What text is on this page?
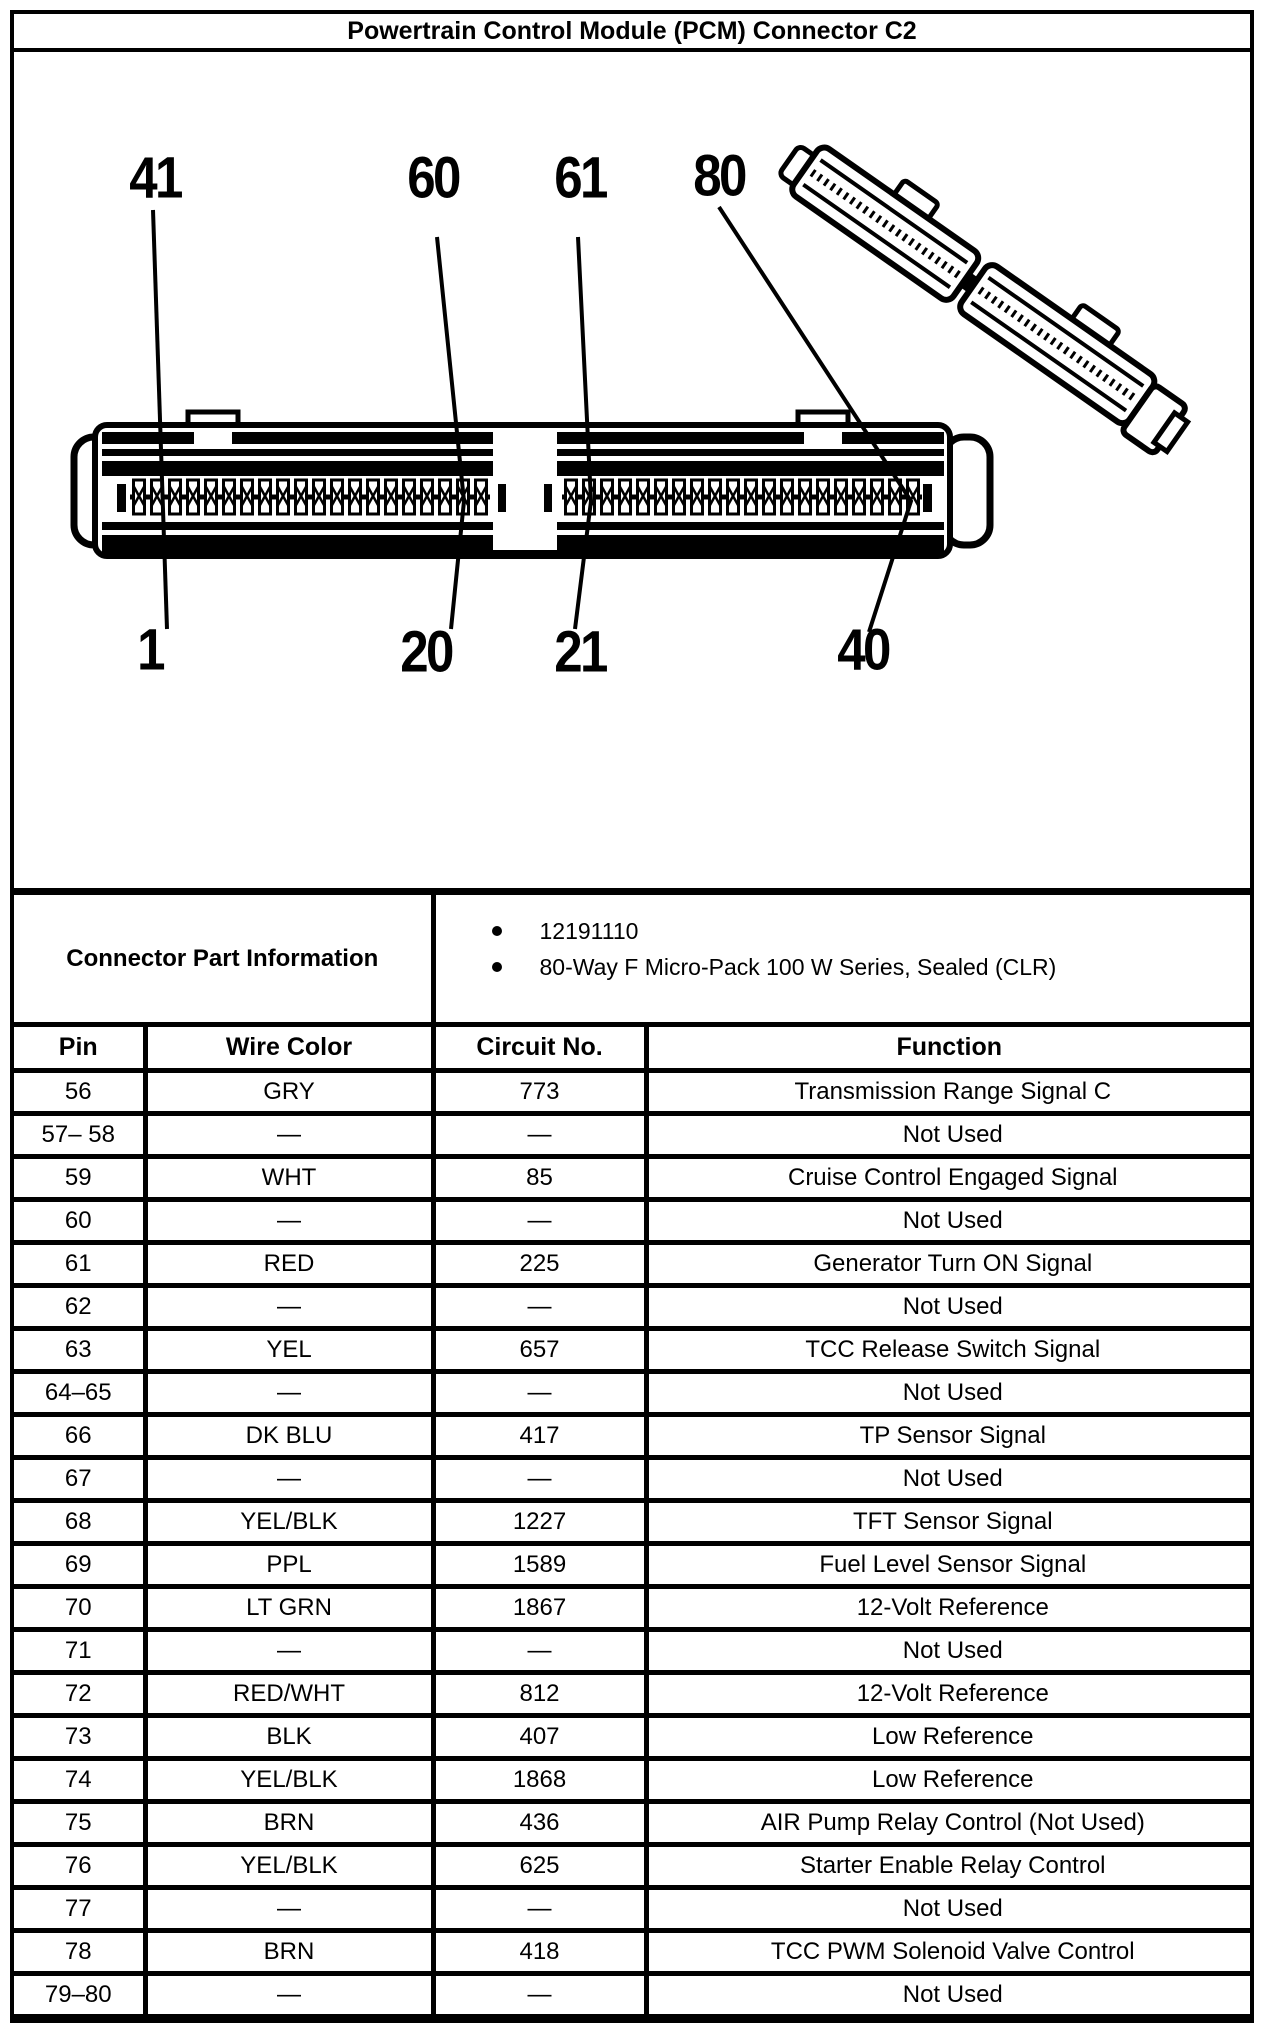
Powertrain Control Module (PCM) Connector C2
41	60 61 80
1	20 21	40
Connector Part Information		12191110
80-Way F Micro-Pack 100 W Series, Sealed (CLR)	

Pin	Wire Color	Circuit No.	Function
56	GRY	773	Transmission Range Signal C
57– 58	—	—	Not Used
59	WHT	85	Cruise Control Engaged Signal
60	—	—	Not Used
61	RED	225	Generator Turn ON Signal
62	—	—	Not Used
63	YEL	657	TCC Release Switch Signal
64–65	—	—	Not Used
66	DK BLU	417	TP Sensor Signal
67	—	—	Not Used
68	YEL/BLK	1227	TFT Sensor Signal
69	PPL	1589	Fuel Level Sensor Signal
70	LT GRN	1867	12-Volt Reference
71	—	—	Not Used
72	RED/WHT	812	12-Volt Reference
73	BLK	407	Low Reference
74	YEL/BLK	1868	Low Reference
75	BRN	436	AIR Pump Relay Control (Not Used)
76	YEL/BLK	625	Starter Enable Relay Control
77	—	—	Not Used
78	BRN	418	TCC PWM Solenoid Valve Control
79–80	—	—	Not Used
